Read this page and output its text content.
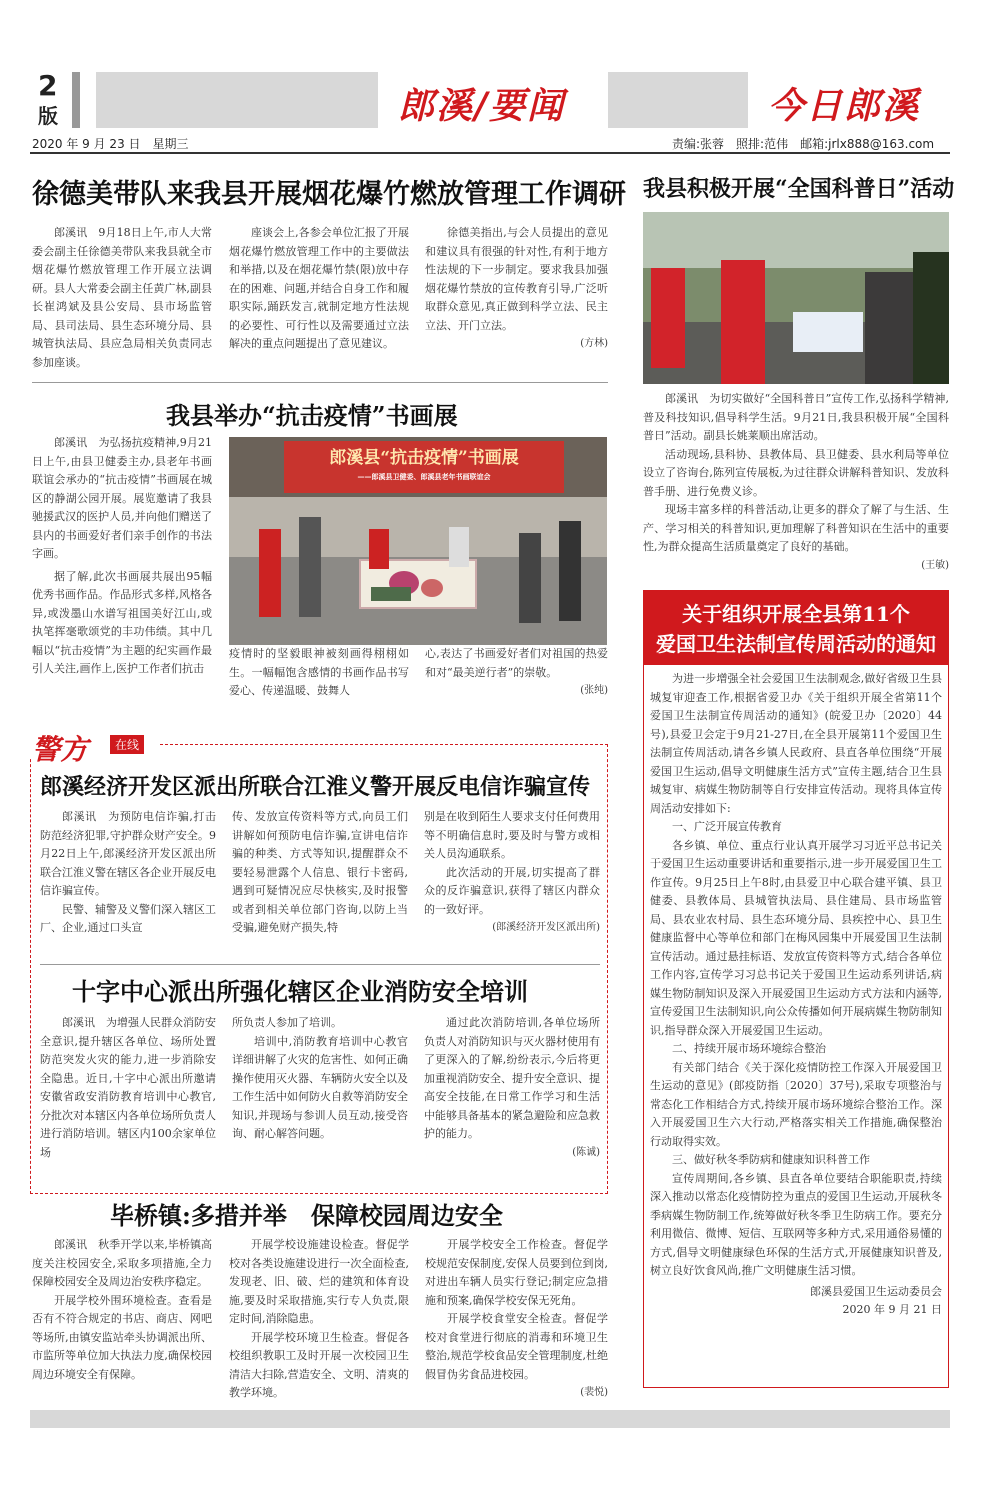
2
版	郎溪/要闻	今日郎溪
2020 年 9 月 23 日　星期三	责编:张蓉　照排:范伟　邮箱:jrlx888@163.com
徐德美带队来我县开展烟花爆竹燃放管理工作调研

郎溪讯　9月18日上午,市人大常委会副主任徐德美带队来我县就全市烟花爆竹燃放管理工作开展立法调研。县人大常委会副主任黄广林,副县长崔鸿斌及县公安局、县市场监管局、县司法局、县生态环境分局、县城管执法局、县应急局相关负责同志参加座谈。

座谈会上,各参会单位汇报了开展烟花爆竹燃放管理工作中的主要做法和举措,以及在烟花爆竹禁(限)放中存在的困难、问题,并结合自身工作和履职实际,踊跃发言,就制定地方性法规的必要性、可行性以及需要通过立法解决的重点问题提出了意见建议。

徐德美指出,与会人员提出的意见和建议具有很强的针对性,有利于地方性法规的下一步制定。要求我县加强烟花爆竹禁放的宣传教育引导,广泛听取群众意见,真正做到科学立法、民主立法、开门立法。

(方林)
我县举办“抗击疫情”书画展

郎溪讯　为弘扬抗疫精神,9月21日上午,由县卫健委主办,县老年书画联谊会承办的“抗击疫情”书画展在城区的静湖公园开展。展览邀请了我县驰援武汉的医护人员,并向他们赠送了县内的书画爱好者们亲手创作的书法字画。

据了解,此次书画展共展出95幅优秀书画作品。作品形式多样,风格各异,或泼墨山水谱写祖国美好江山,或执笔挥毫歌颂党的丰功伟绩。其中几幅以“抗击疫情”为主题的纪实画作最引人关注,画作上,医护工作者们抗击

郎溪县“抗击疫情”书画展
——郎溪县卫健委、郎溪县老年书画联谊会

疫情时的坚毅眼神被刻画得栩栩如生。一幅幅饱含感情的书画作品书写爱心、传递温暖、鼓舞人

心,表达了书画爱好者们对祖国的热爱和对“最美逆行者”的崇敬。

(张纯)
警方	在线
郎溪经济开发区派出所联合江淮义警开展反电信诈骗宣传

郎溪讯　为预防电信诈骗,打击防范经济犯罪,守护群众财产安全。9月22日上午,郎溪经济开发区派出所联合江淮义警在辖区各企业开展反电信诈骗宣传。

民警、辅警及义警们深入辖区工厂、企业,通过口头宣

传、发放宣传资料等方式,向员工们讲解如何预防电信诈骗,宣讲电信诈骗的种类、方式等知识,提醒群众不要轻易泄露个人信息、银行卡密码,遇到可疑情况应尽快核实,及时报警或者到相关单位部门咨询,以防上当受骗,避免财产损失,特

别是在收到陌生人要求支付任何费用等不明确信息时,要及时与警方或相关人员沟通联系。

此次活动的开展,切实提高了群众的反诈骗意识,获得了辖区内群众的一致好评。

(郎溪经济开发区派出所)
十字中心派出所强化辖区企业消防安全培训

郎溪讯　为增强人民群众消防安全意识,提升辖区各单位、场所处置防范突发火灾的能力,进一步消除安全隐患。近日,十字中心派出所邀请安徽省政安消防教育培训中心教官,分批次对本辖区内各单位场所负责人进行消防培训。辖区内100余家单位场

所负责人参加了培训。

培训中,消防教育培训中心教官详细讲解了火灾的危害性、如何正确操作使用灭火器、车辆防火安全以及工作生活中如何防火自救等消防安全知识,并现场与参训人员互动,接受咨询、耐心解答问题。

通过此次消防培训,各单位场所负责人对消防知识与灭火器材使用有了更深入的了解,纷纷表示,今后将更加重视消防安全、提升安全意识、提高安全技能,在日常工作学习和生活中能够具备基本的紧急避险和应急救护的能力。

(陈诚)
毕桥镇:多措并举　保障校园周边安全

郎溪讯　秋季开学以来,毕桥镇高度关注校园安全,采取多项措施,全力保障校园安全及周边治安秩序稳定。

开展学校外围环境检查。查看是否有不符合规定的书店、商店、网吧等场所,由镇安监站牵头协调派出所、市监所等单位加大执法力度,确保校园周边环境安全有保障。

开展学校设施建设检查。督促学校对各类设施建设进行一次全面检查,发现老、旧、破、烂的建筑和体育设施,要及时采取措施,实行专人负责,限定时间,消除隐患。

开展学校环境卫生检查。督促各校组织教职工及时开展一次校园卫生清洁大扫除,营造安全、文明、清爽的教学环境。

开展学校安全工作检查。督促学校规范安保制度,安保人员要到位到岗,对进出车辆人员实行登记;制定应急措施和预案,确保学校安保无死角。

开展学校食堂安全检查。督促学校对食堂进行彻底的消毒和环境卫生整治,规范学校食品安全管理制度,杜绝假冒伪劣食品进校园。

(裴悦)
我县积极开展“全国科普日”活动

郎溪讯　为切实做好“全国科普日”宣传工作,弘扬科学精神,普及科技知识,倡导科学生活。9月21日,我县积极开展“全国科普日”活动。副县长姚莱顺出席活动。

活动现场,县科协、县教体局、县卫健委、县水利局等单位设立了咨询台,陈列宣传展板,为过往群众讲解科普知识、发放科普手册、进行免费义诊。

现场丰富多样的科普活动,让更多的群众了解了与生活、生产、学习相关的科普知识,更加理解了科普知识在生活中的重要性,为群众提高生活质量奠定了良好的基础。

(王敏)
关于组织开展全县第11个
爱国卫生法制宣传周活动的通知

为进一步增强全社会爱国卫生法制观念,做好省级卫生县城复审迎查工作,根据省爱卫办《关于组织开展全省第11个爱国卫生法制宣传周活动的通知》(皖爱卫办〔2020〕44号),县爱卫会定于9月21-27日,在全县开展第11个爱国卫生法制宣传周活动,请各乡镇人民政府、县直各单位围绕“开展爱国卫生运动,倡导文明健康生活方式”宣传主题,结合卫生县城复审、病媒生物防制等自行安排宣传活动。现将具体宣传周活动安排如下:

一、广泛开展宣传教育

各乡镇、单位、重点行业认真开展学习习近平总书记关于爱国卫生运动重要讲话和重要指示,进一步开展爱国卫生工作宣传。9月25日上午8时,由县爱卫中心联合建平镇、县卫健委、县教体局、县城管执法局、县住建局、县市场监管局、县农业农村局、县生态环境分局、县疾控中心、县卫生健康监督中心等单位和部门在梅风园集中开展爱国卫生法制宣传活动。通过悬挂标语、发放宣传资料等方式,结合各单位工作内容,宣传学习习总书记关于爱国卫生运动系列讲话,病媒生物防制知识及深入开展爱国卫生运动方式方法和内涵等,宣传爱国卫生法制知识,向公众传播如何开展病媒生物防制知识,指导群众深入开展爱国卫生运动。

二、持续开展市场环境综合整治

有关部门结合《关于深化疫情防控工作深入开展爱国卫生运动的意见》(郎疫防指〔2020〕37号),采取专项整治与常态化工作相结合方式,持续开展市场环境综合整治工作。深入开展爱国卫生六大行动,严格落实相关工作措施,确保整治行动取得实效。

三、做好秋冬季防病和健康知识科普工作

宣传周期间,各乡镇、县直各单位要结合职能职责,持续深入推动以常态化疫情防控为重点的爱国卫生运动,开展秋冬季病媒生物防制工作,统筹做好秋冬季卫生防病工作。要充分利用微信、微博、短信、互联网等多种方式,采用通俗易懂的方式,倡导文明健康绿色环保的生活方式,开展健康知识普及,树立良好饮食风尚,推广文明健康生活习惯。

郎溪县爱国卫生运动委员会
2020 年 9 月 21 日
